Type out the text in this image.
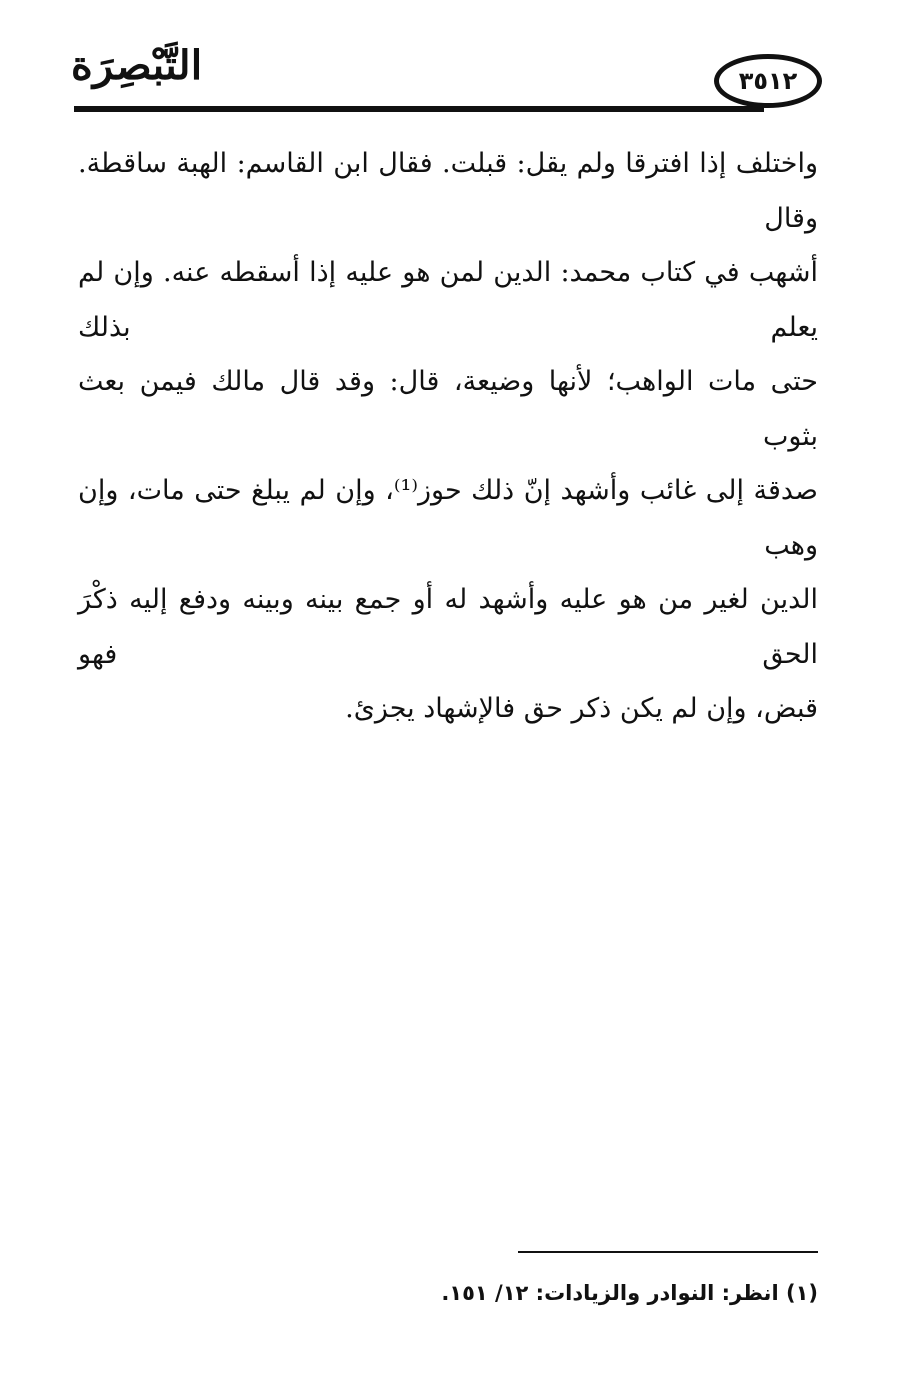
التَّبْصِرَة	٣٥١٢

واختلف إذا افترقا ولم يقل: قبلت. فقال ابن القاسم: الهبة ساقطة. وقال

أشهب في كتاب محمد: الدين لمن هو عليه إذا أسقطه عنه. وإن لم يعلم بذلك

حتى مات الواهب؛ لأنها وضيعة، قال: وقد قال مالك فيمن بعث بثوب

صدقة إلى غائب وأشهد إنّ ذلك حوز⁽¹⁾، وإن لم يبلغ حتى مات، وإن وهب

الدين لغير من هو عليه وأشهد له أو جمع بينه وبينه ودفع إليه ذكْرَ الحق فهو

قبض، وإن لم يكن ذكر حق فالإشهاد يجزئ.

(١) انظر: النوادر والزيادات: ١٢/ ١٥١.
